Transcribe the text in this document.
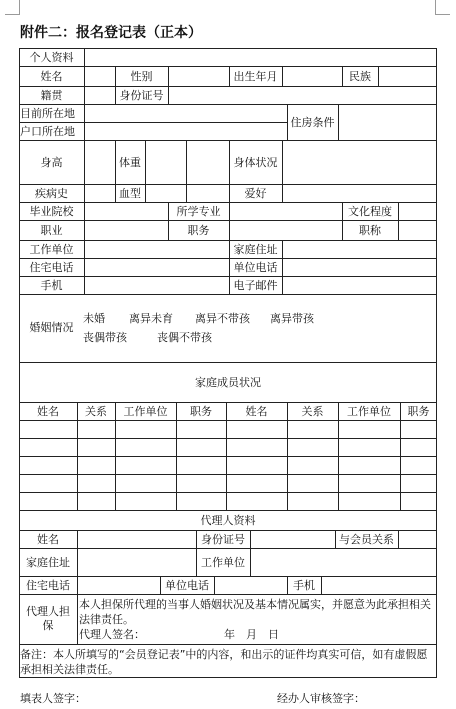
附件二：报名登记表（正本）
个人资料
姓名	性别	出生年月	民族
籍贯	身份证号
目前所在地
户口所在地
住房条件
身高	体重	身体状况
疾病史	血型	爱好
毕业院校	所学专业	文化程度
职业	职务	职称
工作单位	家庭住址
住宅电话	单位电话
手机	电子邮件
婚姻情况
未婚 离异未育 离异不带孩 离异带孩
丧偶带孩	丧偶不带孩
家庭成员状况
姓名	关系	工作单位	职务	姓名	关系	工作单位	职务
代理人资料
姓名	身份证号	与会员关系
家庭住址	工作单位
住宅电话	单位电话	手机
代理人担保
本人担保所代理的当事人婚姻状况及基本情况属实，并愿意为此承担相关法律责任。
代理人签名：	年　月　日
备注：本人所填写的“会员登记表”中的内容，和出示的证件均真实可信，如有虚假愿承担相关法律责任。
填表人签字：	经办人审核签字：
